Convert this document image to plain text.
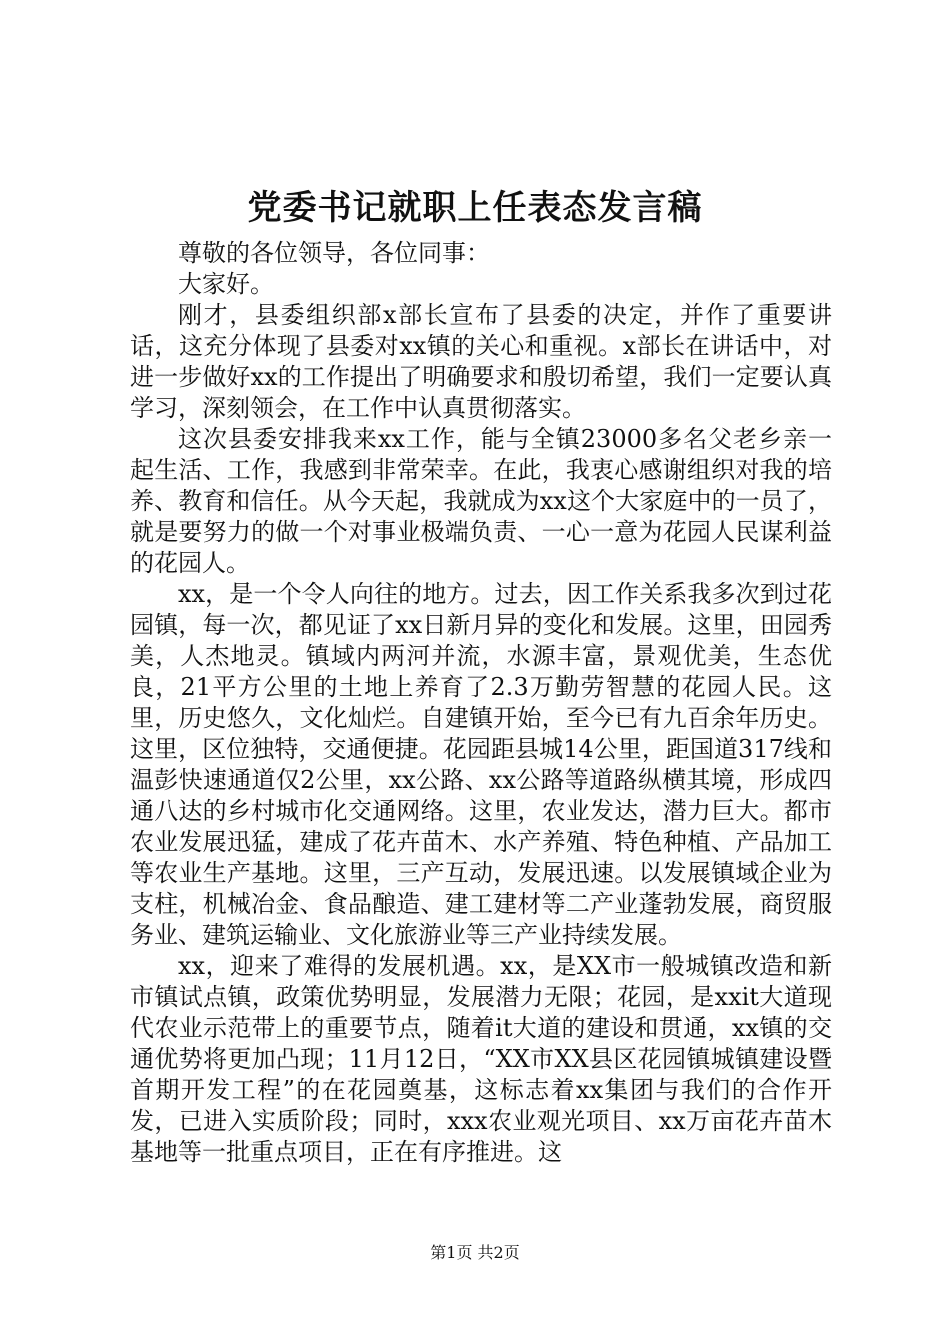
党委书记就职上任表态发言稿

尊敬的各位领导，各位同事：

大家好。

刚才，县委组织部x部长宣布了县委的决定，并作了重要讲话，这充分体现了县委对xx镇的关心和重视。x部长在讲话中，对进一步做好xx的工作提出了明确要求和殷切希望，我们一定要认真学习，深刻领会，在工作中认真贯彻落实。

这次县委安排我来xx工作，能与全镇23000多名父老乡亲一起生活、工作，我感到非常荣幸。在此，我衷心感谢组织对我的培养、教育和信任。从今天起，我就成为xx这个大家庭中的一员了，就是要努力的做一个对事业极端负责、一心一意为花园人民谋利益的花园人。

xx，是一个令人向往的地方。过去，因工作关系我多次到过花园镇，每一次，都见证了xx日新月异的变化和发展。这里，田园秀美，人杰地灵。镇域内两河并流，水源丰富，景观优美，生态优良，21平方公里的土地上养育了2.3万勤劳智慧的花园人民。这里，历史悠久，文化灿烂。自建镇开始，至今已有九百余年历史。这里，区位独特，交通便捷。花园距县城14公里，距国道317线和温彭快速通道仅2公里，xx公路、xx公路等道路纵横其境，形成四通八达的乡村城市化交通网络。这里，农业发达，潜力巨大。都市农业发展迅猛，建成了花卉苗木、水产养殖、特色种植、产品加工等农业生产基地。这里，三产互动，发展迅速。以发展镇域企业为支柱，机械冶金、食品酿造、建工建材等二产业蓬勃发展，商贸服务业、建筑运输业、文化旅游业等三产业持续发展。

xx，迎来了难得的发展机遇。xx，是XX市一般城镇改造和新市镇试点镇，政策优势明显，发展潜力无限；花园，是xxit大道现代农业示范带上的重要节点，随着it大道的建设和贯通，xx镇的交通优势将更加凸现；11月12日，“XX市XX县区花园镇城镇建设暨首期开发工程”的在花园奠基，这标志着xx集团与我们的合作开发，已进入实质阶段；同时，xxx农业观光项目、xx万亩花卉苗木基地等一批重点项目，正在有序推进。这

第1页 共2页
